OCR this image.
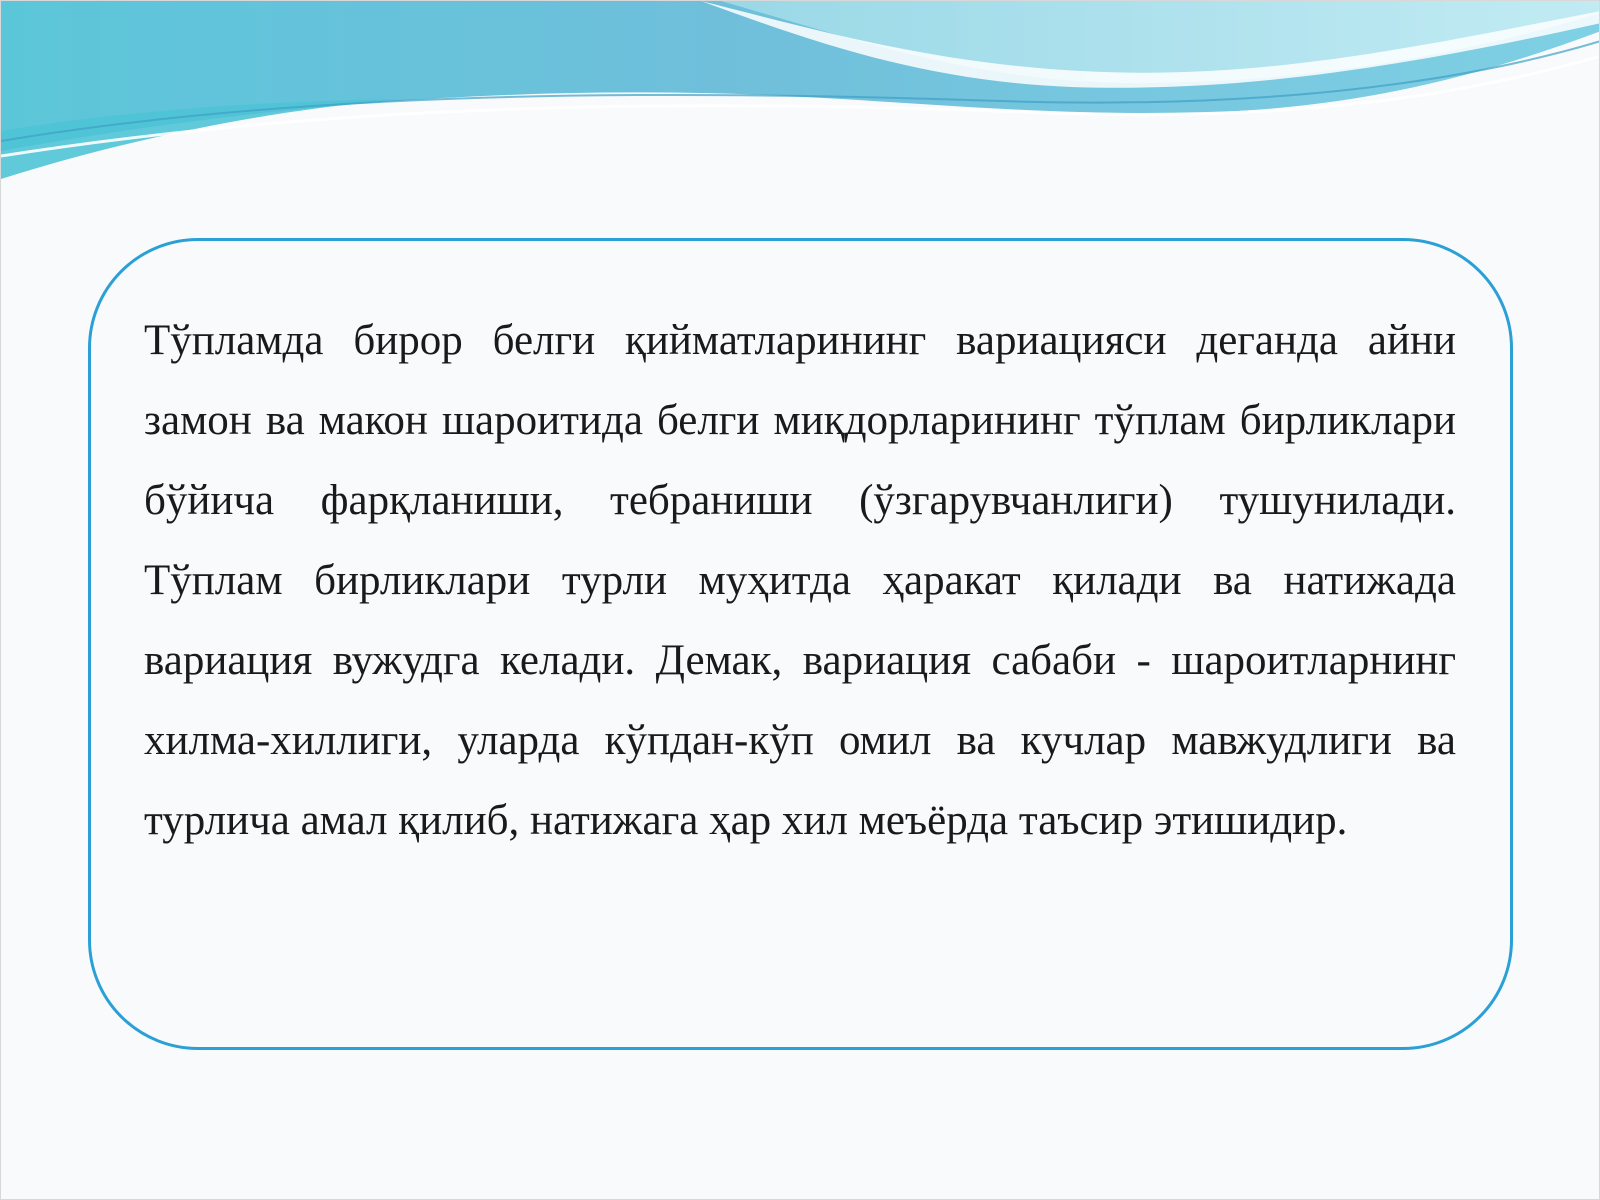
Тўпламда бирор белги қийматларининг вариацияси деганда айни замон ва макон шароитида белги миқдорларининг тўплам бирликлари бўйича фарқланиши, тебраниши (ўзгарувчанлиги) тушунилади. Тўплам бирликлари турли муҳитда ҳаракат қилади ва натижада вариация вужудга келади. Демак, вариация сабаби - шароитларнинг хилма-хиллиги, уларда кўпдан-кўп омил ва кучлар мавжудлиги ва турлича амал қилиб, натижага ҳар хил меъёрда таъсир этишидир.
